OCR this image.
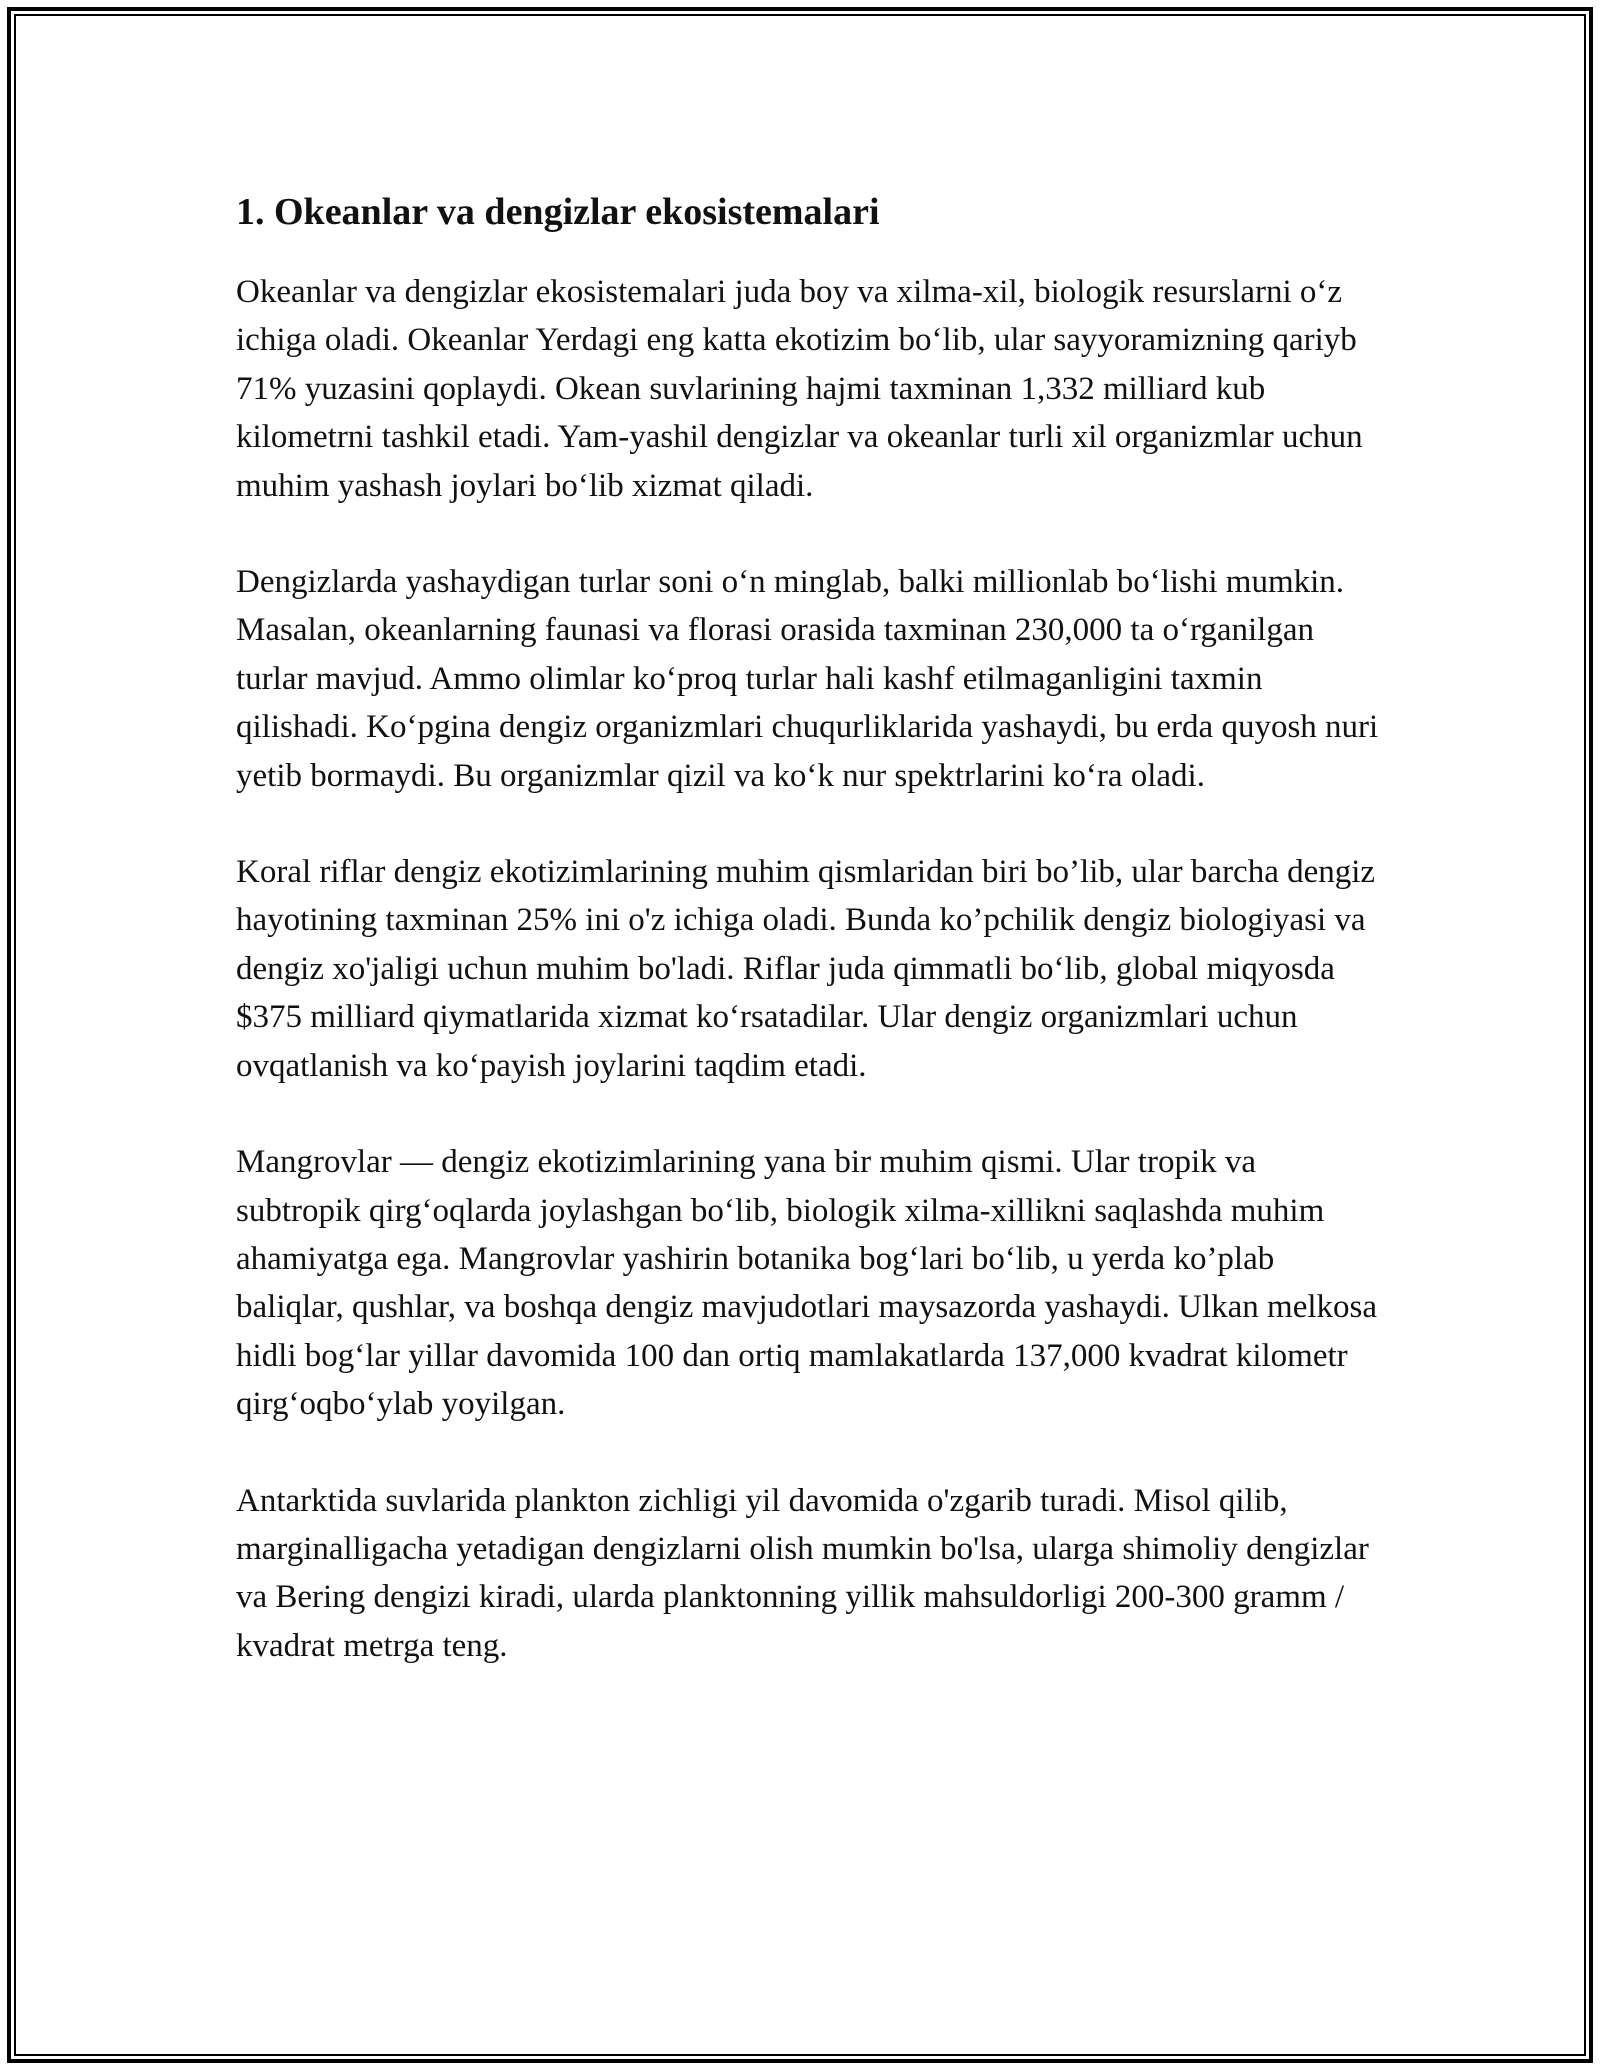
1. Okeanlar va dengizlar ekosistemalari

Okeanlar va dengizlar ekosistemalari juda boy va xilma-xil, biologik resurslarni o‘z ichiga oladi. Okeanlar Yerdagi eng katta ekotizim bo‘lib, ular sayyoramizning qariyb 71% yuzasini qoplaydi. Okean suvlarining hajmi taxminan 1,332 milliard kub kilometrni tashkil etadi. Yam-yashil dengizlar va okeanlar turli xil organizmlar uchun muhim yashash joylari bo‘lib xizmat qiladi.

Dengizlarda yashaydigan turlar soni o‘n minglab, balki millionlab bo‘lishi mumkin. Masalan, okeanlarning faunasi va florasi orasida taxminan 230,000 ta o‘rganilgan turlar mavjud. Ammo olimlar ko‘proq turlar hali kashf etilmaganligini taxmin qilishadi. Ko‘pgina dengiz organizmlari chuqurliklarida yashaydi, bu erda quyosh nuri yetib bormaydi. Bu organizmlar qizil va ko‘k nur spektrlarini ko‘ra oladi.

Koral riflar dengiz ekotizimlarining muhim qismlaridan biri bo’lib, ular barcha dengiz hayotining taxminan 25% ini o'z ichiga oladi. Bunda ko’pchilik dengiz biologiyasi va dengiz xo'jaligi uchun muhim bo'ladi. Riflar juda qimmatli bo‘lib, global miqyosda $375 milliard qiymatlarida xizmat ko‘rsatadilar. Ular dengiz organizmlari uchun ovqatlanish va ko‘payish joylarini taqdim etadi.

Mangrovlar — dengiz ekotizimlarining yana bir muhim qismi. Ular tropik va subtropik qirg‘oqlarda joylashgan bo‘lib, biologik xilma-xillikni saqlashda muhim ahamiyatga ega. Mangrovlar yashirin botanika bog‘lari bo‘lib, u yerda ko’plab baliqlar, qushlar, va boshqa dengiz mavjudotlari maysazorda yashaydi. Ulkan melkosa hidli bog‘lar yillar davomida 100 dan ortiq mamlakatlarda 137,000 kvadrat kilometr qirg‘oqbo‘ylab yoyilgan.

Antarktida suvlarida plankton zichligi yil davomida o'zgarib turadi. Misol qilib, marginalligacha yetadigan dengizlarni olish mumkin bo'lsa, ularga shimoliy dengizlar va Bering dengizi kiradi, ularda planktonning yillik mahsuldorligi 200-300 gramm / kvadrat metrga teng.
